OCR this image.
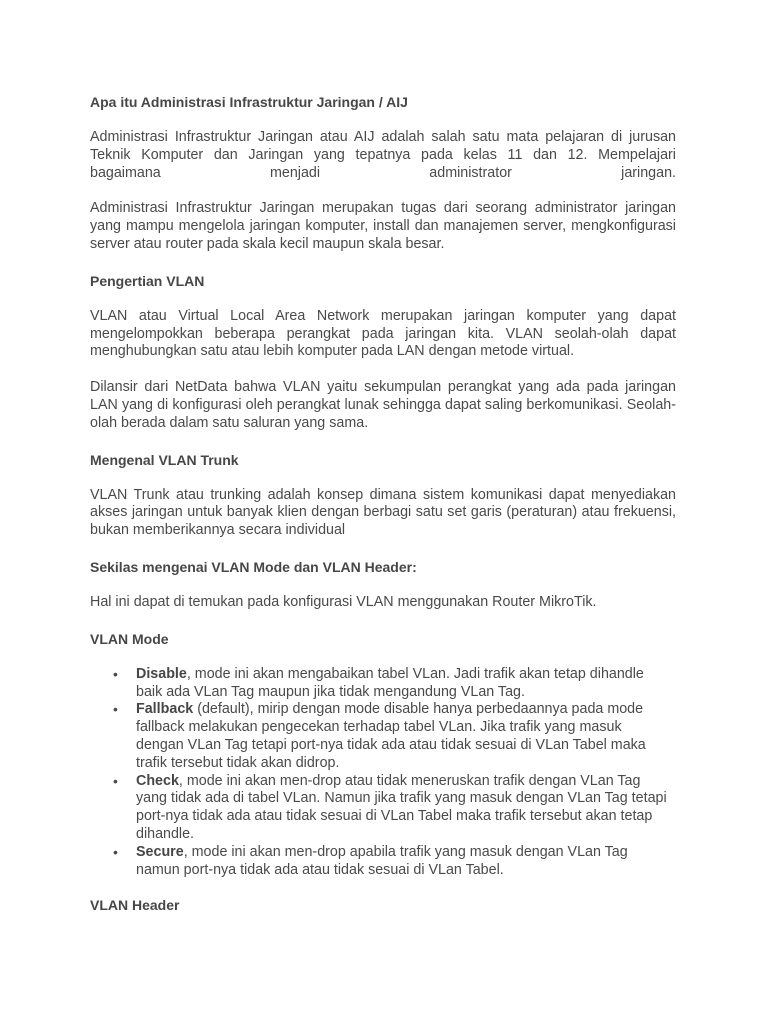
Apa itu Administrasi Infrastruktur Jaringan / AIJ

Administrasi Infrastruktur Jaringan atau AIJ adalah salah satu mata pelajaran di jurusan Teknik Komputer dan Jaringan yang tepatnya pada kelas 11 dan 12. Mempelajari bagaimana menjadi administrator jaringan.

Administrasi Infrastruktur Jaringan merupakan tugas dari seorang administrator jaringan yang mampu mengelola jaringan komputer, install dan manajemen server, mengkonfigurasi server atau router pada skala kecil maupun skala besar.

Pengertian VLAN

VLAN atau Virtual Local Area Network merupakan jaringan komputer yang dapat mengelompokkan beberapa perangkat pada jaringan kita. VLAN seolah-olah dapat menghubungkan satu atau lebih komputer pada LAN dengan metode virtual.

Dilansir dari NetData bahwa VLAN yaitu sekumpulan perangkat yang ada pada jaringan LAN yang di konfigurasi oleh perangkat lunak sehingga dapat saling berkomunikasi. Seolah-olah berada dalam satu saluran yang sama.

Mengenal VLAN Trunk

VLAN Trunk atau trunking adalah konsep dimana sistem komunikasi dapat menyediakan akses jaringan untuk banyak klien dengan berbagi satu set garis (peraturan) atau frekuensi, bukan memberikannya secara individual

Sekilas mengenai VLAN Mode dan VLAN Header:

Hal ini dapat di temukan pada konfigurasi VLAN menggunakan Router MikroTik.

VLAN Mode
• Disable, mode ini akan mengabaikan tabel VLan. Jadi trafik akan tetap dihandle baik ada VLan Tag maupun jika tidak mengandung VLan Tag.
• Fallback (default), mirip dengan mode disable hanya perbedaannya pada mode fallback melakukan pengecekan terhadap tabel VLan. Jika trafik yang masuk dengan VLan Tag tetapi port-nya tidak ada atau tidak sesuai di VLan Tabel maka trafik tersebut tidak akan didrop.
• Check, mode ini akan men-drop atau tidak meneruskan trafik dengan VLan Tag yang tidak ada di tabel VLan. Namun jika trafik yang masuk dengan VLan Tag tetapi port-nya tidak ada atau tidak sesuai di VLan Tabel maka trafik tersebut akan tetap dihandle.
• Secure, mode ini akan men-drop apabila trafik yang masuk dengan VLan Tag namun port-nya tidak ada atau tidak sesuai di VLan Tabel.
VLAN Header
